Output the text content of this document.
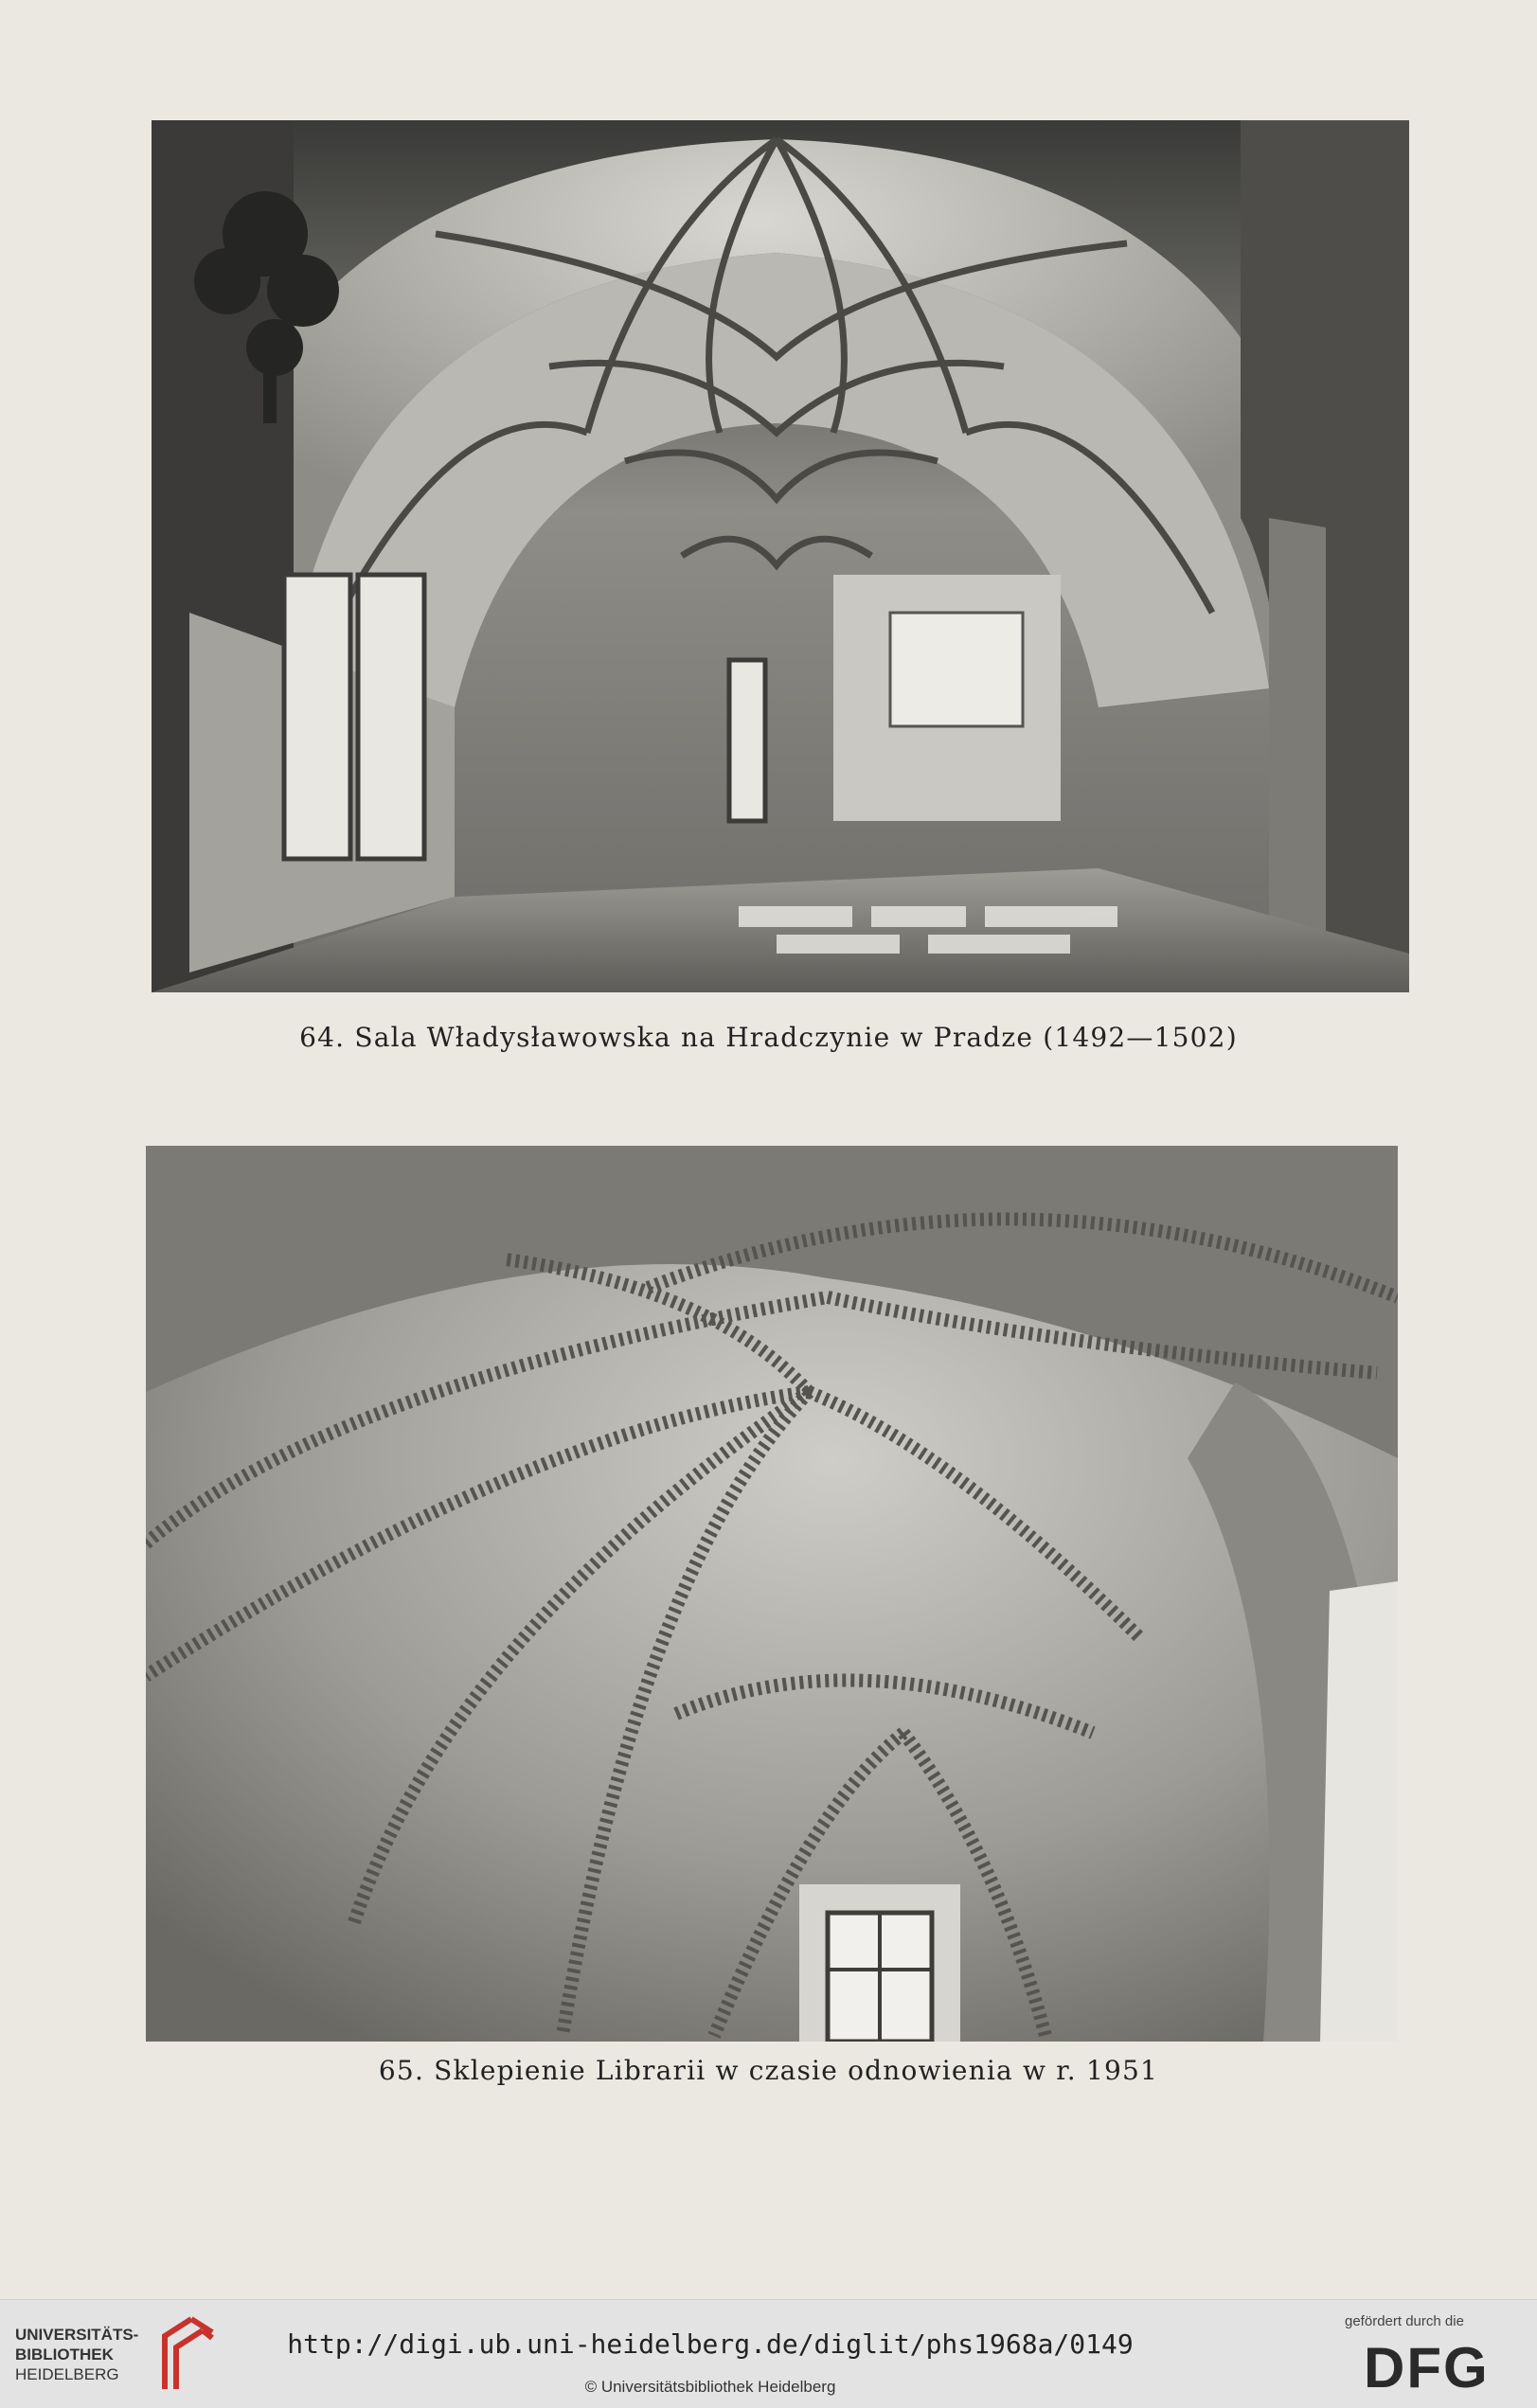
64. Sala Władysławowska na Hradczynie w Pradze (1492—1502)
65. Sklepienie Librarii w czasie odnowienia w r. 1951
UNIVERSITÄTS-
BIBLIOTHEK
HEIDELBERG
http://digi.ub.uni-heidelberg.de/diglit/phs1968a/0149
© Universitätsbibliothek Heidelberg
gefördert durch die
DFG
